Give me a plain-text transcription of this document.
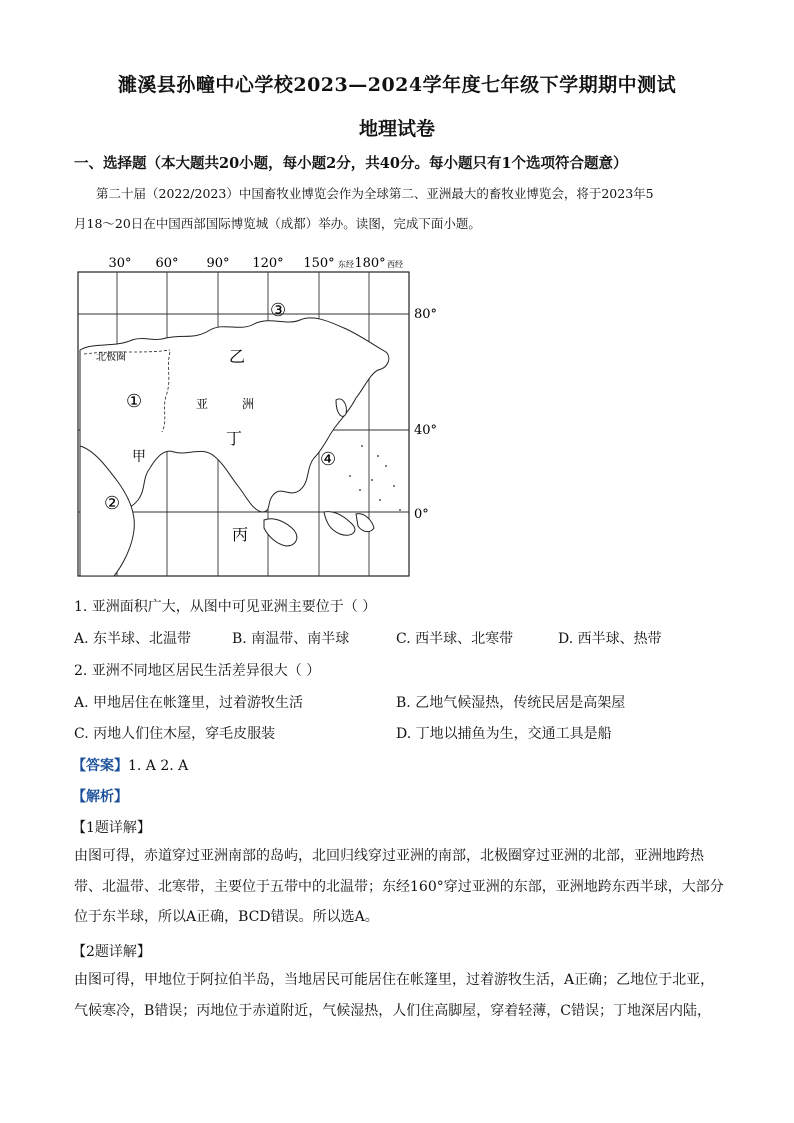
濉溪县孙疃中心学校2023—2024学年度七年级下学期期中测试
地理试卷
一、选择题（本大题共20小题，每小题2分，共40分。每小题只有1个选项符合题意）
第二十届（2022/2023）中国畜牧业博览会作为全球第二、亚洲最大的畜牧业博览会，将于2023年5
月18～20日在中国西部国际博览城（成都）举办。读图，完成下面小题。
30° 60° 90° 120° 150° 东经 180° 西经
80°
40°
0°
北极圈
①
②
③
④
甲
乙
丙
丁
亚	洲
1. 亚洲面积广大，从图中可见亚洲主要位于（ ）
A. 东半球、北温带	B. 南温带、南半球	C. 西半球、北寒带	D. 西半球、热带
2. 亚洲不同地区居民生活差异很大（ ）
A. 甲地居住在帐篷里，过着游牧生活	B. 乙地气候湿热，传统民居是高架屋
C. 丙地人们住木屋，穿毛皮服装	D. 丁地以捕鱼为生，交通工具是船
【答案】1. A 2. A
【解析】
【1题详解】
由图可得，赤道穿过亚洲南部的岛屿，北回归线穿过亚洲的南部，北极圈穿过亚洲的北部，亚洲地跨热
带、北温带、北寒带，主要位于五带中的北温带；东经160°穿过亚洲的东部，亚洲地跨东西半球，大部分
位于东半球，所以A正确，BCD错误。所以选A。
【2题详解】
由图可得，甲地位于阿拉伯半岛，当地居民可能居住在帐篷里，过着游牧生活，A正确；乙地位于北亚，
气候寒冷，B错误；丙地位于赤道附近，气候湿热，人们住高脚屋，穿着轻薄，C错误；丁地深居内陆，
